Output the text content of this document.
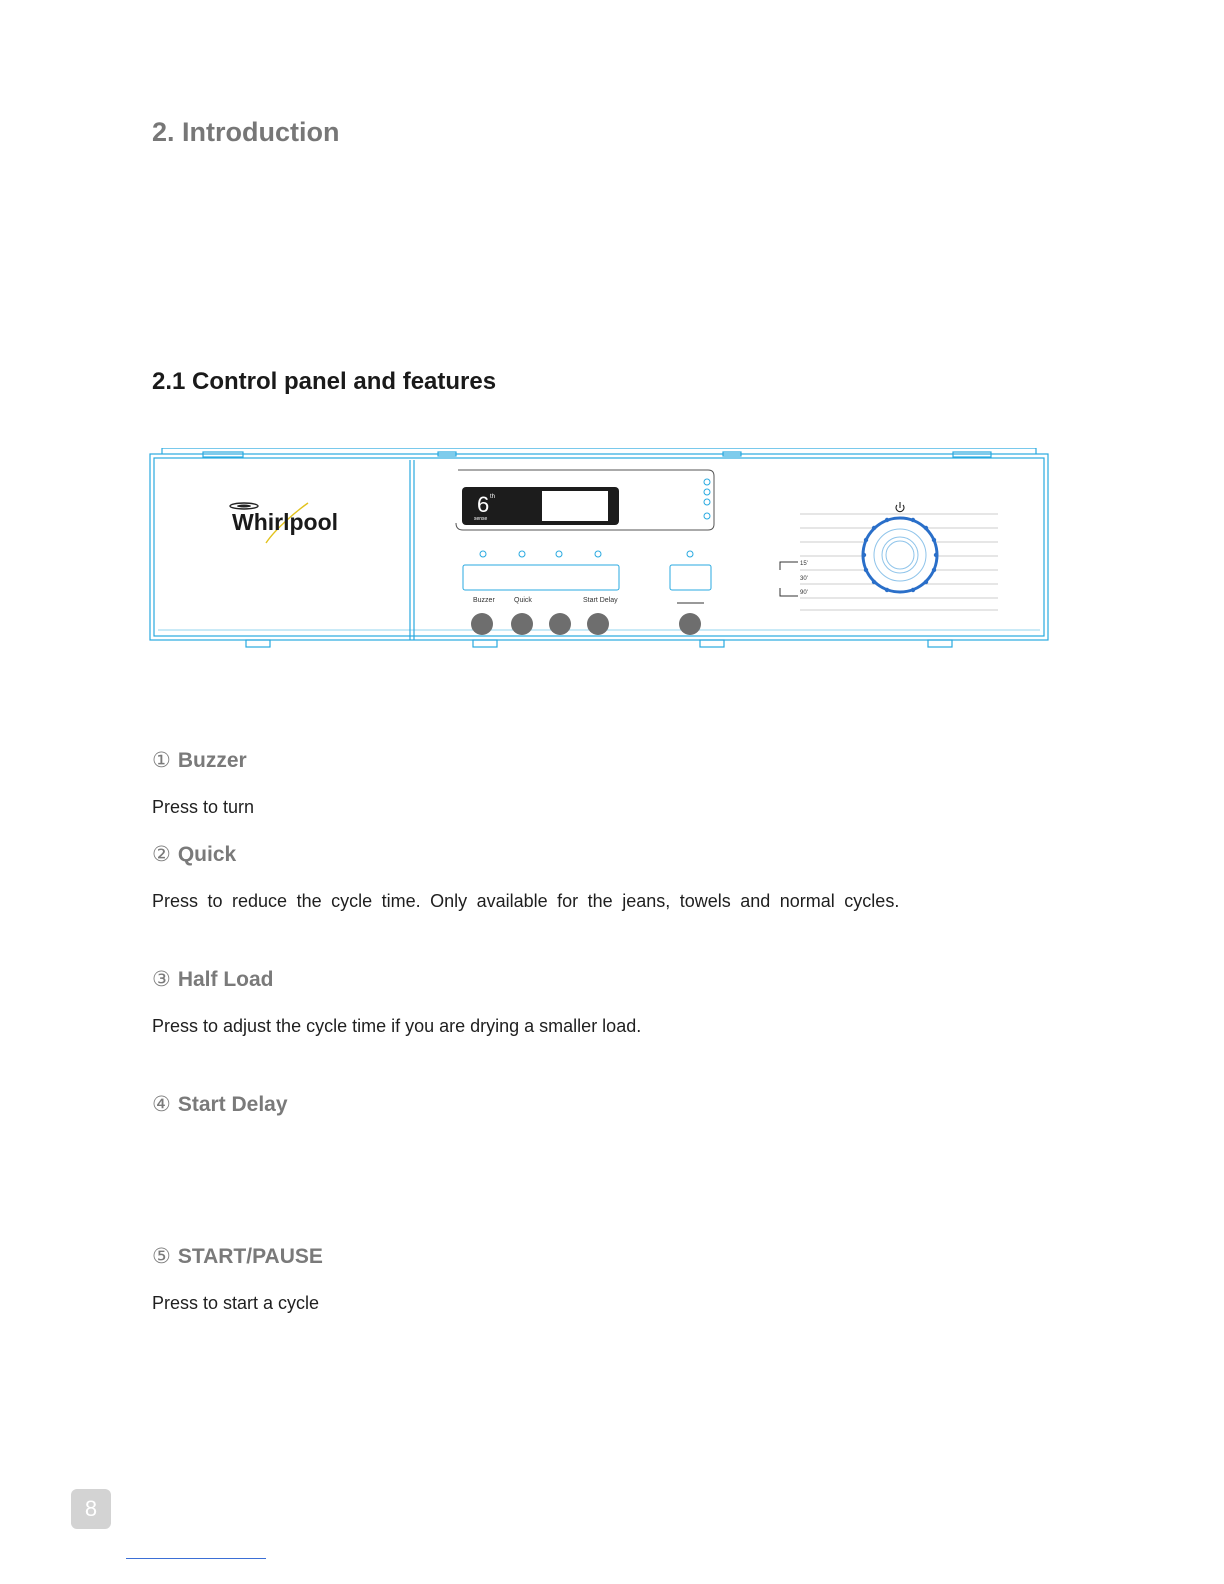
2. Introduction
2.1 Control panel and features
Whirlpool
6 th
sense
Buzzer	Quick	Start Delay
15'
30'
90'

① Buzzer

Press to turn

② Quick

Press to reduce the cycle time. Only available for the jeans, towels and normal cycles.

③ Half Load

Press to adjust the cycle time if you are drying a smaller load.

④ Start Delay

⑤ START/PAUSE

Press to start a cycle

8
